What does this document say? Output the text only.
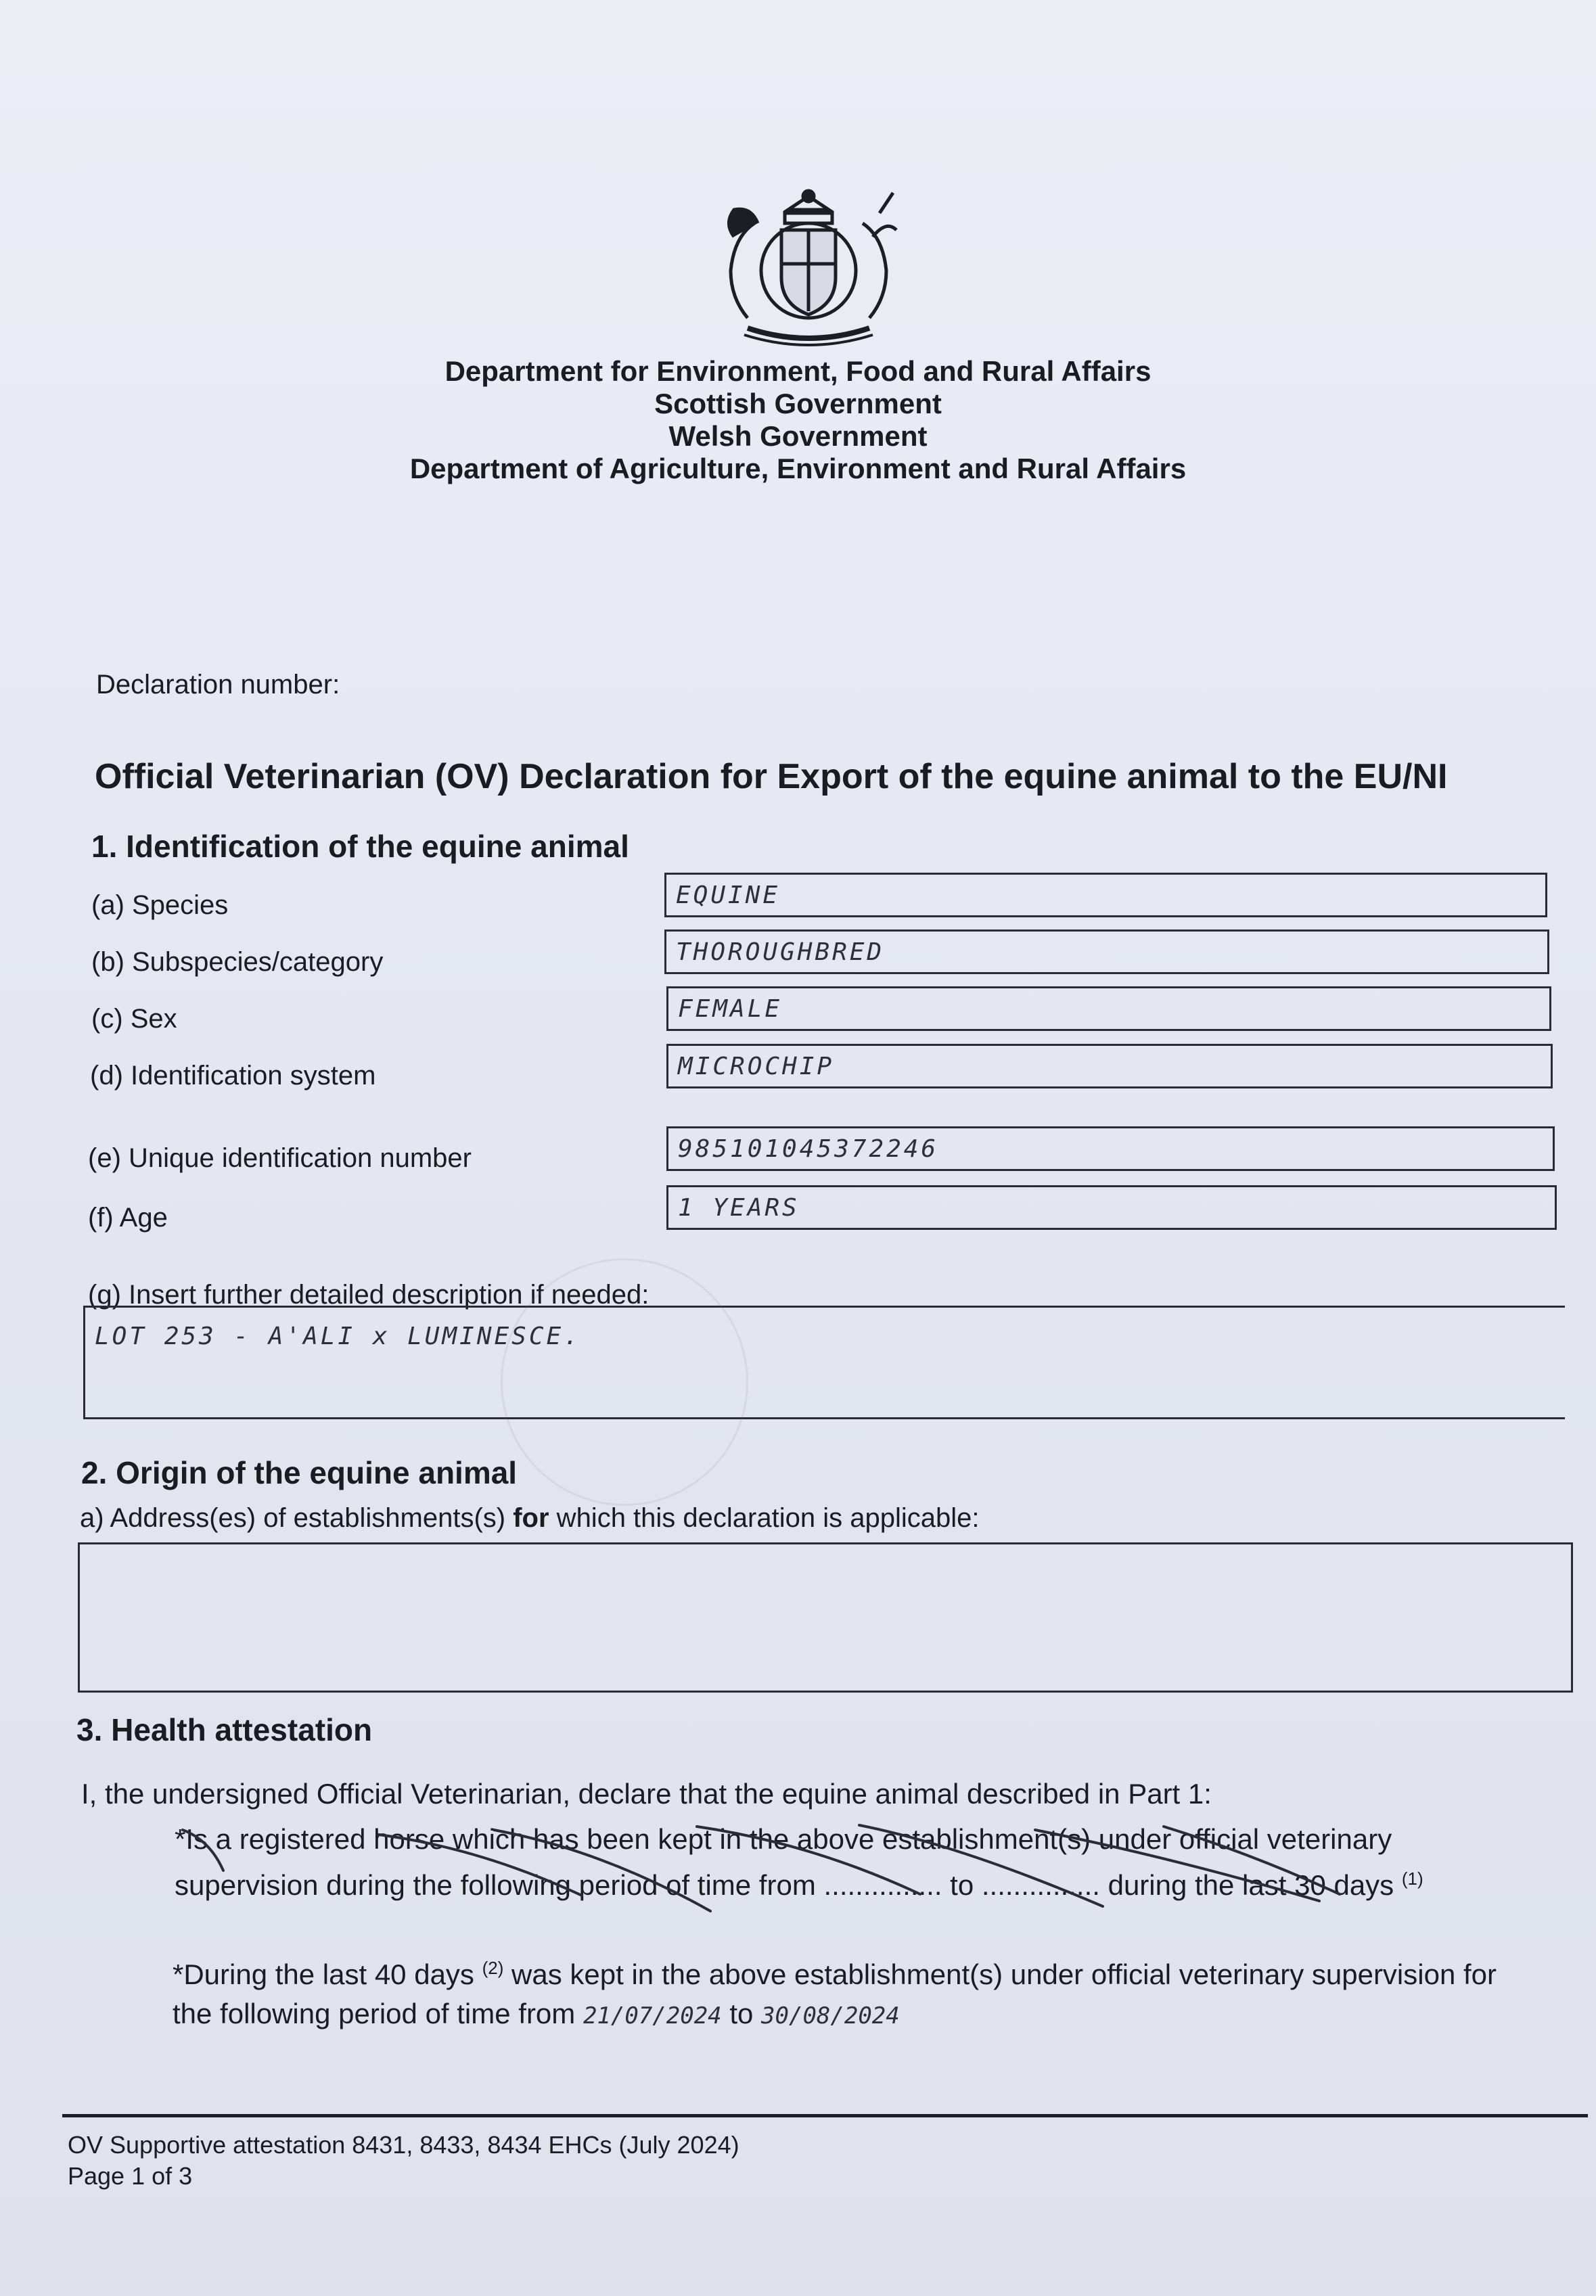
Department for Environment, Food and Rural Affairs
Scottish Government
Welsh Government
Department of Agriculture, Environment and Rural Affairs
Declaration number:
Official Veterinarian (OV) Declaration for Export of the equine animal to the EU/NI
1. Identification of the equine animal
(a) Species	EQUINE
(b) Subspecies/category	THOROUGHBRED
(c) Sex	FEMALE
(d) Identification system	MICROCHIP
(e) Unique identification number	985101045372246
(f) Age	1 YEARS
(g) Insert further detailed description if needed:
LOT 253 - A'ALI x LUMINESCE.
2. Origin of the equine animal
a) Address(es) of establishments(s) for which this declaration is applicable:
3. Health attestation
I, the undersigned Official Veterinarian, declare that the equine animal described in Part 1:
*Is a registered horse which has been kept in the above establishment(s) under official veterinary
supervision during the following period of time from ............... to ............... during the last 30 days $^{(1)}$
*During the last 40 days $^{(2)}$ was kept in the above establishment(s) under official veterinary supervision for
the following period of time from 21/07/2024 to 30/08/2024
OV Supportive attestation 8431, 8433, 8434 EHCs (July 2024)
Page 1 of 3
